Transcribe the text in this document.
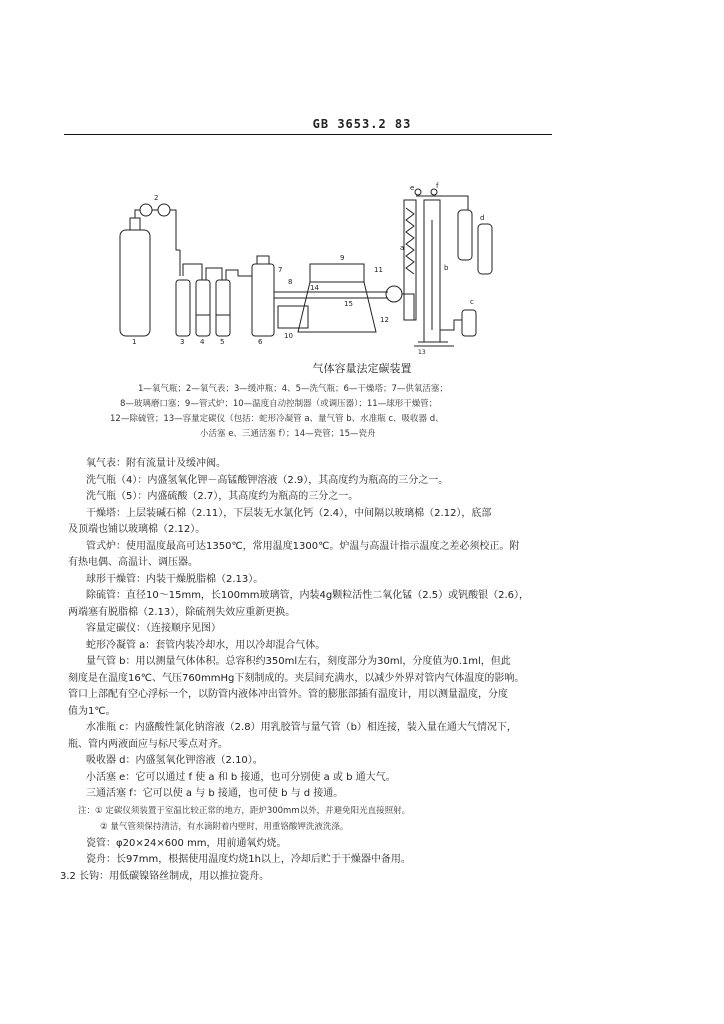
GB 3653.2 83
1	3 4 5	6
2
7
8
9
10
11
12
13
14
15
e	f
a
b
c
d
气体容量法定碳装置
1—氧气瓶；2—氧气表；3—缓冲瓶；4、5—洗气瓶；6—干燥塔；7—供氧活塞；
8—玻璃磨口塞；9—管式炉；10—温度自动控制器（或调压器）；11—球形干燥管；
12—除硫管；13—容量定碳仪（包括：蛇形冷凝管 a、量气管 b、水准瓶 c、吸收器 d、
小活塞 e、三通活塞 f）；14—瓷管；15—瓷舟

氧气表：附有流量计及缓冲阀。

洗气瓶（4）：内盛氢氧化钾－高锰酸钾溶液（2.9），其高度约为瓶高的三分之一。

洗气瓶（5）：内盛硫酸（2.7），其高度约为瓶高的三分之一。

干燥塔：上层装碱石棉（2.11），下层装无水氯化钙（2.4），中间隔以玻璃棉（2.12），底部

及顶端也铺以玻璃棉（2.12）。

管式炉：使用温度最高可达1350℃，常用温度1300℃。炉温与高温计指示温度之差必须校正。附

有热电偶、高温计、调压器。

球形干燥管：内装干燥脱脂棉（2.13）。

除硫管：直径10～15mm，长100mm玻璃管，内装4g颗粒活性二氧化锰（2.5）或钒酸银（2.6），

两端塞有脱脂棉（2.13），除硫剂失效应重新更换。

容量定碳仪：（连接顺序见图）

蛇形冷凝管 a：套管内装冷却水，用以冷却混合气体。

量气管 b：用以测量气体体积。总容积约350ml左右，刻度部分为30ml，分度值为0.1ml，但此

刻度是在温度16℃、气压760mmHg下刻制成的。夹层间充满水，以减少外界对管内气体温度的影响。

管口上部配有空心浮标一个，以防管内液体冲出管外。管的膨胀部插有温度计，用以测量温度，分度

值为1℃。

水准瓶 c：内盛酸性氯化钠溶液（2.8）用乳胶管与量气管（b）相连接，装入量在通大气情况下，

瓶、管内两液面应与标尺零点对齐。

吸收器 d：内盛氢氧化钾溶液（2.10）。

小活塞 e：它可以通过 f 使 a 和 b 接通，也可分别使 a 或 b 通大气。

三通活塞 f：它可以使 a 与 b 接通，也可使 b 与 d 接通。

注：① 定碳仪须装置于室温比较正常的地方，距炉300mm以外，并避免阳光直接照射。

② 量气管须保持清洁，有水滴附着内壁时，用重铬酸钾洗液洗涤。

瓷管：φ20×24×600 mm，用前通氧灼烧。

瓷舟：长97mm，根据使用温度灼烧1h以上，冷却后贮于干燥器中备用。

3.2 长钩：用低碳镍铬丝制成，用以推拉瓷舟。
